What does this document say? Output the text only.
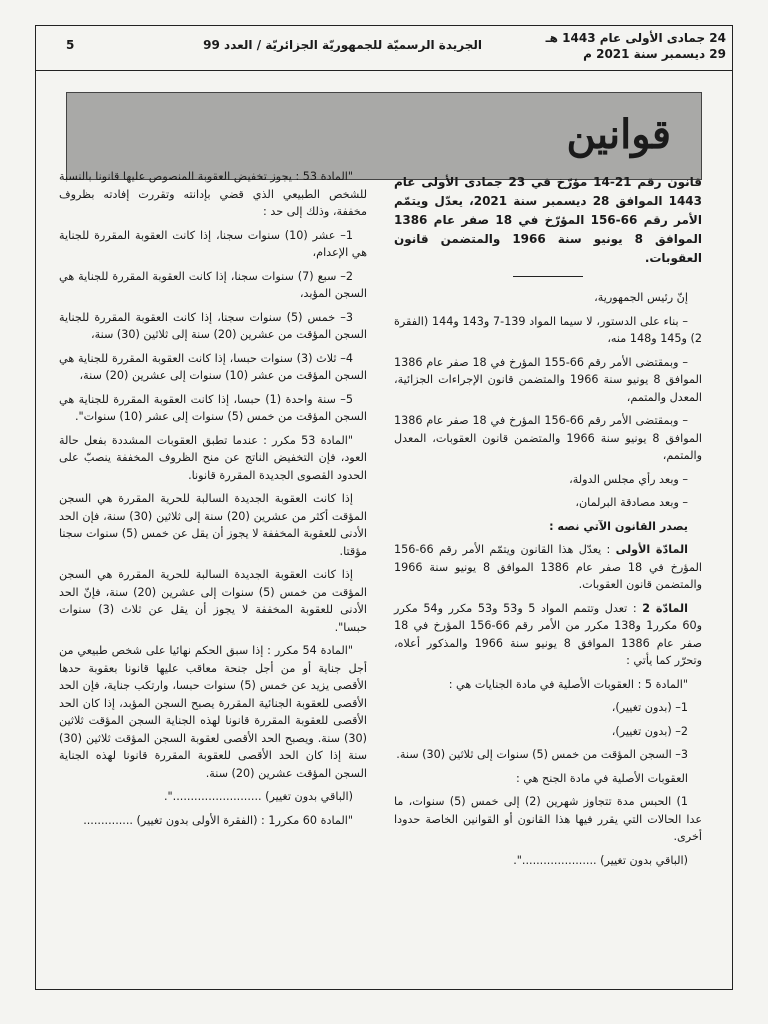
24 جمادى الأولى عام 1443 هـ
29 ديسمبر سنة 2021 م
الجريدة الرسميّة للجمهوريّة الجزائريّة / العدد 99
5
قوانين

قانون رقم 21-14 مؤرّخ في 23 جمادى الأولى عام 1443 الموافق 28 ديسمبر سنة 2021، يعدّل ويتمّم الأمر رقم 66-156 المؤرّخ في 18 صفر عام 1386 الموافق 8 يونيو سنة 1966 والمتضمن قانون العقوبات.

إنّ رئيس الجمهورية،

– بناء على الدستور، لا سيما المواد 139-7 و143 و144 (الفقرة 2) و145 و148 منه،

– وبمقتضى الأمر رقم 66-155 المؤرخ في 18 صفر عام 1386 الموافق 8 يونيو سنة 1966 والمتضمن قانون الإجراءات الجزائية، المعدل والمتمم،

– وبمقتضى الأمر رقم 66-156 المؤرخ في 18 صفر عام 1386 الموافق 8 يونيو سنة 1966 والمتضمن قانون العقوبات، المعدل والمتمم،

– وبعد رأي مجلس الدولة،

– وبعد مصادقة البرلمان،

يصدر القانون الآتي نصه :

المادّة الأولى : يعدّل هذا القانون ويتمّم الأمر رقم 66-156 المؤرخ في 18 صفر عام 1386 الموافق 8 يونيو سنة 1966 والمتضمن قانون العقوبات.

المادّة 2 : تعدل وتتمم المواد 5 و53 و53 مكرر و54 مكرر و60 مكرر1 و138 مكرر من الأمر رقم 66-156 المؤرخ في 18 صفر عام 1386 الموافق 8 يونيو سنة 1966 والمذكور أعلاه، وتحرّر كما يأتي :

"المادة 5 : العقوبات الأصلية في مادة الجنايات هي :

1– (بدون تغيير)،

2– (بدون تغيير)،

3– السجن المؤقت من خمس (5) سنوات إلى ثلاثين (30) سنة.

العقوبات الأصلية في مادة الجنح هي :

1) الحبس مدة تتجاوز شهرين (2) إلى خمس (5) سنوات، ما عدا الحالات التي يقرر فيها هذا القانون أو القوانين الخاصة حدودا أخرى.

(الباقي بدون تغيير) .....................".

"المادة 53 : يجوز تخفيض العقوبة المنصوص عليها قانونا بالنسبة للشخص الطبيعي الذي قضي بإدانته وتقررت إفادته بظروف مخففة، وذلك إلى حد :

1– عشر (10) سنوات سجنا، إذا كانت العقوبة المقررة للجناية هي الإعدام،

2– سبع (7) سنوات سجنا، إذا كانت العقوبة المقررة للجناية هي السجن المؤبد،

3– خمس (5) سنوات سجنا، إذا كانت العقوبة المقررة للجناية السجن المؤقت من عشرين (20) سنة إلى ثلاثين (30) سنة،

4– ثلاث (3) سنوات حبسا، إذا كانت العقوبة المقررة للجناية هي السجن المؤقت من عشر (10) سنوات إلى عشرين (20) سنة،

5– سنة واحدة (1) حبسا، إذا كانت العقوبة المقررة للجناية هي السجن المؤقت من خمس (5) سنوات إلى عشر (10) سنوات".

"المادة 53 مكرر : عندما تطبق العقوبات المشددة بفعل حالة العود، فإن التخفيض الناتج عن منح الظروف المخففة ينصبّ على الحدود القصوى الجديدة المقررة قانونا.

إذا كانت العقوبة الجديدة السالبة للحرية المقررة هي السجن المؤقت أكثر من عشرين (20) سنة إلى ثلاثين (30) سنة، فإن الحد الأدنى للعقوبة المخففة لا يجوز أن يقل عن خمس (5) سنوات سجنا مؤقتا.

إذا كانت العقوبة الجديدة السالبة للحرية المقررة هي السجن المؤقت من خمس (5) سنوات إلى عشرين (20) سنة، فإنّ الحد الأدنى للعقوبة المخففة لا يجوز أن يقل عن ثلاث (3) سنوات حبسا".

"المادة 54 مكرر : إذا سبق الحكم نهائيا على شخص طبيعي من أجل جناية أو من أجل جنحة معاقب عليها قانونا بعقوبة حدها الأقصى يزيد عن خمس (5) سنوات حبسا، وارتكب جناية، فإن الحد الأقصى للعقوبة الجنائية المقررة يصبح السجن المؤبد، إذا كان الحد الأقصى للعقوبة المقررة قانونا لهذه الجناية السجن المؤقت ثلاثين (30) سنة. ويصبح الحد الأقصى لعقوبة السجن المؤقت ثلاثين (30) سنة إذا كان الحد الأقصى للعقوبة المقررة قانونا لهذه الجناية السجن المؤقت عشرين (20) سنة.

(الباقي بدون تغيير) .........................".

"المادة 60 مكرر1 : (الفقرة الأولى بدون تغيير) ..............
